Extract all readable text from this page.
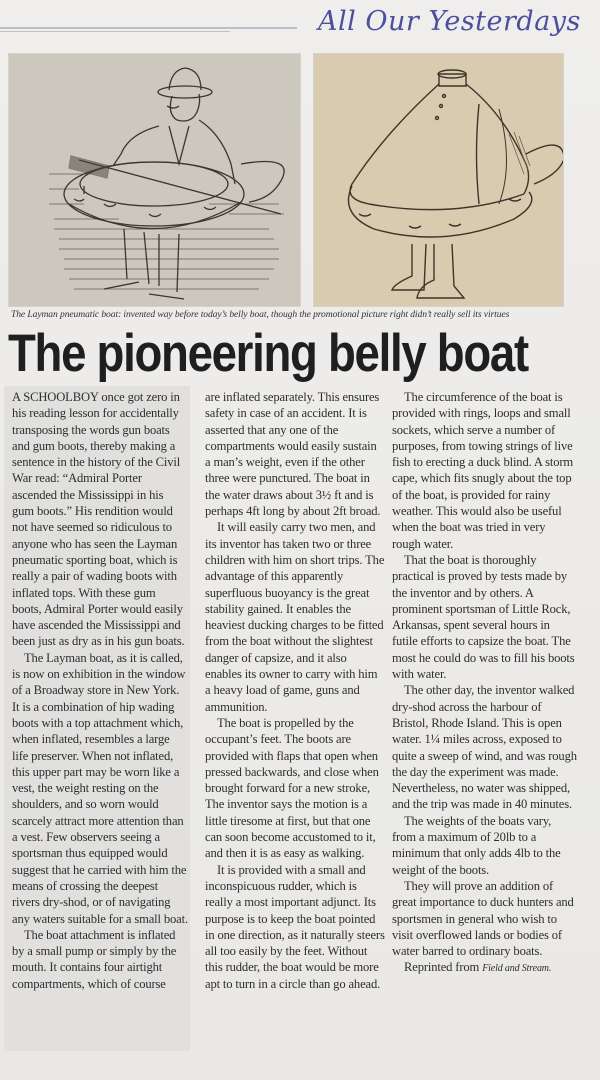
All Our Yesterdays
The Layman pneumatic boat: invented way before today’s belly boat, though the promotional picture right didn’t really sell its virtues
The pioneering belly boat

A SCHOOLBOY once got zero in his reading lesson for accidentally transposing the words gun boats and gum boots, thereby making a sentence in the history of the Civil War read: “Admiral Porter ascended the Mississippi in his gum boots.” His rendition would not have seemed so ridiculous to anyone who has seen the Layman pneumatic sporting boat, which is really a pair of wading boots with inflated tops. With these gum boots, Admiral Porter would easily have ascended the Mississippi and been just as dry as in his gun boats.

The Layman boat, as it is called, is now on exhibition in the window of a Broadway store in New York. It is a combination of hip wading boots with a top attachment which, when inflated, resembles a large life preserver. When not inflated, this upper part may be worn like a vest, the weight resting on the shoulders, and so worn would scarcely attract more attention than a vest. Few observers seeing a sportsman thus equipped would suggest that he carried with him the means of crossing the deepest rivers dry-shod, or of navigating any waters suitable for a small boat.

The boat attachment is inflated by a small pump or simply by the mouth. It contains four airtight compartments, which of course

are inflated separately. This ensures safety in case of an accident. It is asserted that any one of the compartments would easily sustain a man’s weight, even if the other three were punctured. The boat in the water draws about 3½ ft and is perhaps 4ft long by about 2ft broad.

It will easily carry two men, and its inventor has taken two or three children with him on short trips. The advantage of this apparently superfluous buoyancy is the great stability gained. It enables the heaviest ducking charges to be fitted from the boat without the slightest danger of capsize, and it also enables its owner to carry with him a heavy load of game, guns and ammunition.

The boat is propelled by the occupant’s feet. The boots are provided with flaps that open when pressed backwards, and close when brought forward for a new stroke, The inventor says the motion is a little tiresome at first, but that one can soon become accustomed to it, and then it is as easy as walking.

It is provided with a small and inconspicuous rudder, which is really a most important adjunct. Its purpose is to keep the boat pointed in one direction, as it naturally steers all too easily by the feet. Without this rudder, the boat would be more apt to turn in a circle than go ahead.

The circumference of the boat is provided with rings, loops and small sockets, which serve a number of purposes, from towing strings of live fish to erecting a duck blind. A storm cape, which fits snugly about the top of the boat, is provided for rainy weather. This would also be useful when the boat was tried in very rough water.

That the boat is thoroughly practical is proved by tests made by the inventor and by others. A prominent sportsman of Little Rock, Arkansas, spent several hours in futile efforts to capsize the boat. The most he could do was to fill his boots with water.

The other day, the inventor walked dry-shod across the harbour of Bristol, Rhode Island. This is open water. 1¼ miles across, exposed to quite a sweep of wind, and was rough the day the experiment was made. Nevertheless, no water was shipped, and the trip was made in 40 minutes.

The weights of the boats vary, from a maximum of 20lb to a minimum that only adds 4lb to the weight of the boots.

They will prove an addition of great importance to duck hunters and sportsmen in general who wish to visit overflowed lands or bodies of water barred to ordinary boats.

Reprinted from Field and Stream.
